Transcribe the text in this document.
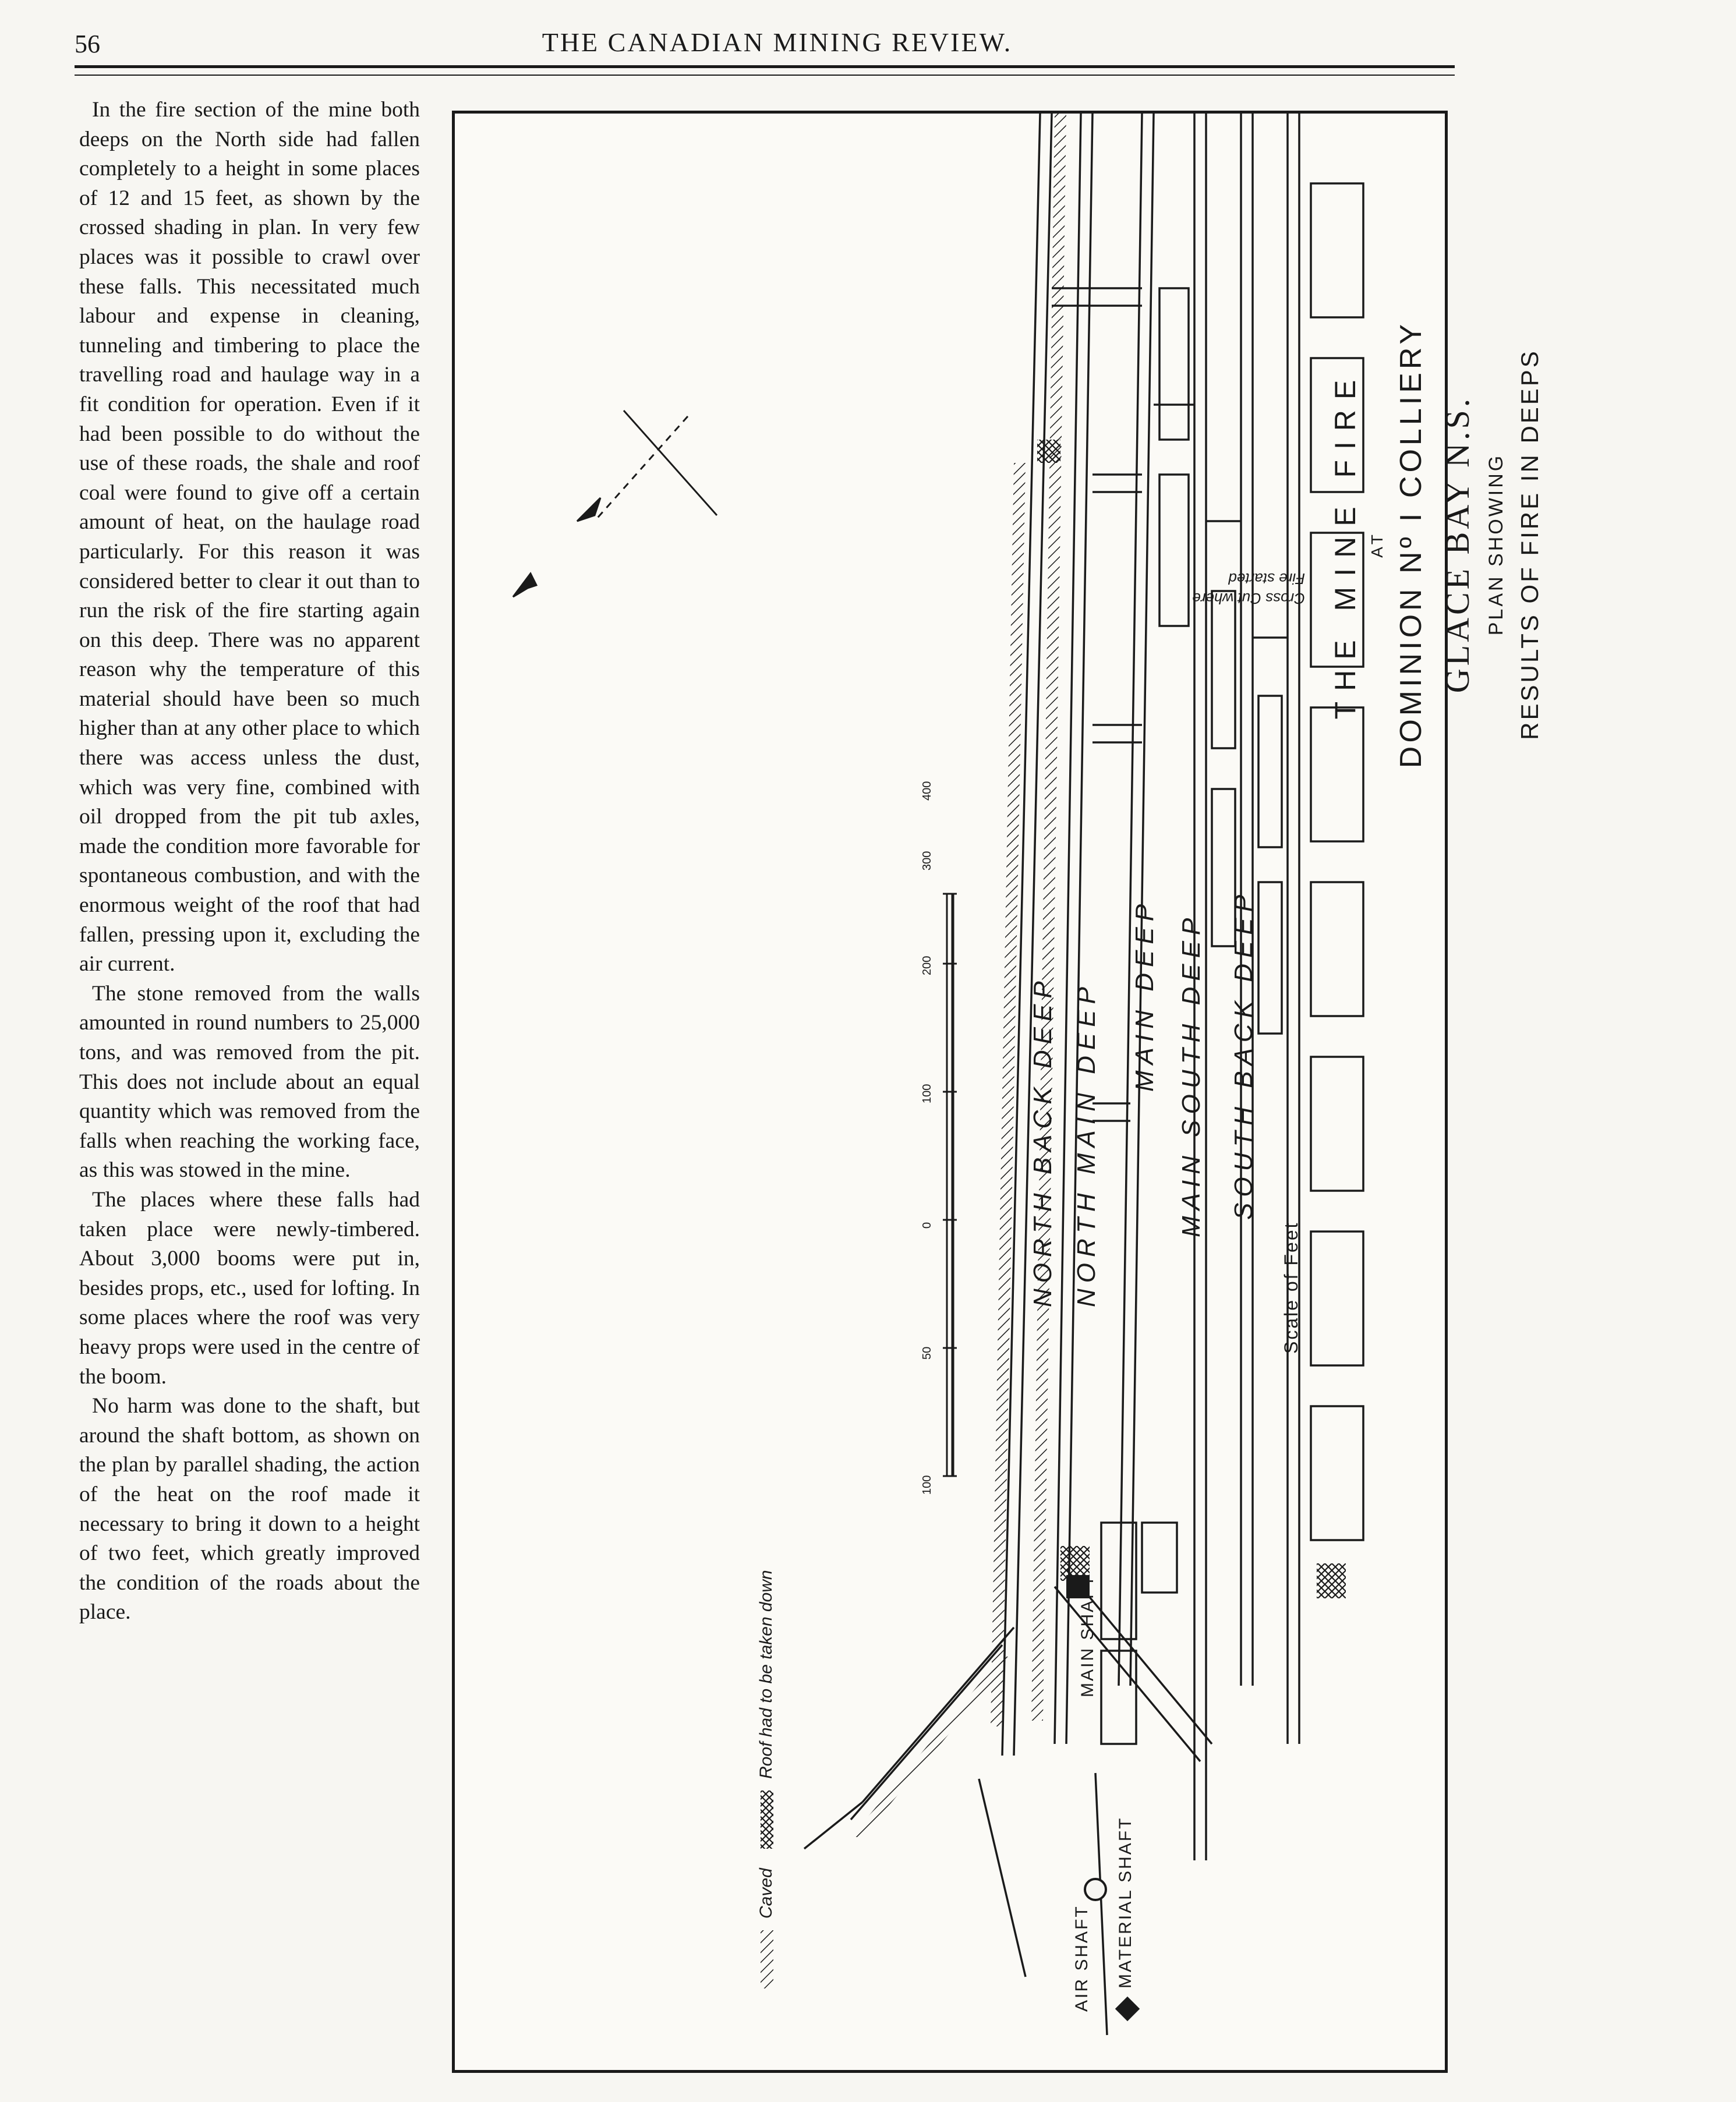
56	THE CANADIAN MINING REVIEW.

In the fire section of the mine both deeps on the North side had fallen completely to a height in some places of 12 and 15 feet, as shown by the crossed shading in plan. In very few places was it possible to crawl over these falls. This necessitated much labour and expense in cleaning, tunneling and timbering to place the travelling road and haulage way in a fit condition for operation. Even if it had been possible to do without the use of these roads, the shale and roof coal were found to give off a certain amount of heat, on the haulage road particularly. For this reason it was considered better to clear it out than to run the risk of the fire starting again on this deep. There was no apparent reason why the temperature of this material should have been so much higher than at any other place to which there was access unless the dust, which was very fine, combined with oil dropped from the pit tub axles, made the condition more favorable for spontaneous combustion, and with the enormous weight of the roof that had fallen, pressing upon it, excluding the air current.

The stone removed from the walls amounted in round numbers to 25,000 tons, and was removed from the pit. This does not include about an equal quantity which was removed from the falls when reaching the working face, as this was stowed in the mine.

The places where these falls had taken place were newly-timbered. About 3,000 booms were put in, besides props, etc., used for lofting. In some places where the roof was very heavy props were used in the centre of the boom.

No harm was done to the shaft, but around the shaft bottom, as shown on the plan by parallel shading, the action of the heat on the roof made it necessary to bring it down to a height of two feet, which greatly improved the condition of the roads about the place.

THE MINE FIRE AT DOMINION Nº I COLLIERY GLACE BAY N.S. PLAN SHOWING RESULTS OF FIRE IN DEEPS
Scale of Feet
100
50
0
100
200
300
400
Caved
Roof had to be taken down
NORTH BACK DEEP NORTH MAIN DEEP MAIN DEEP MAIN SOUTH DEEP SOUTH BACK DEEP
MAIN SHAFT
AIR SHAFT MATERIAL SHAFT
Cross Cut where
Fire started
